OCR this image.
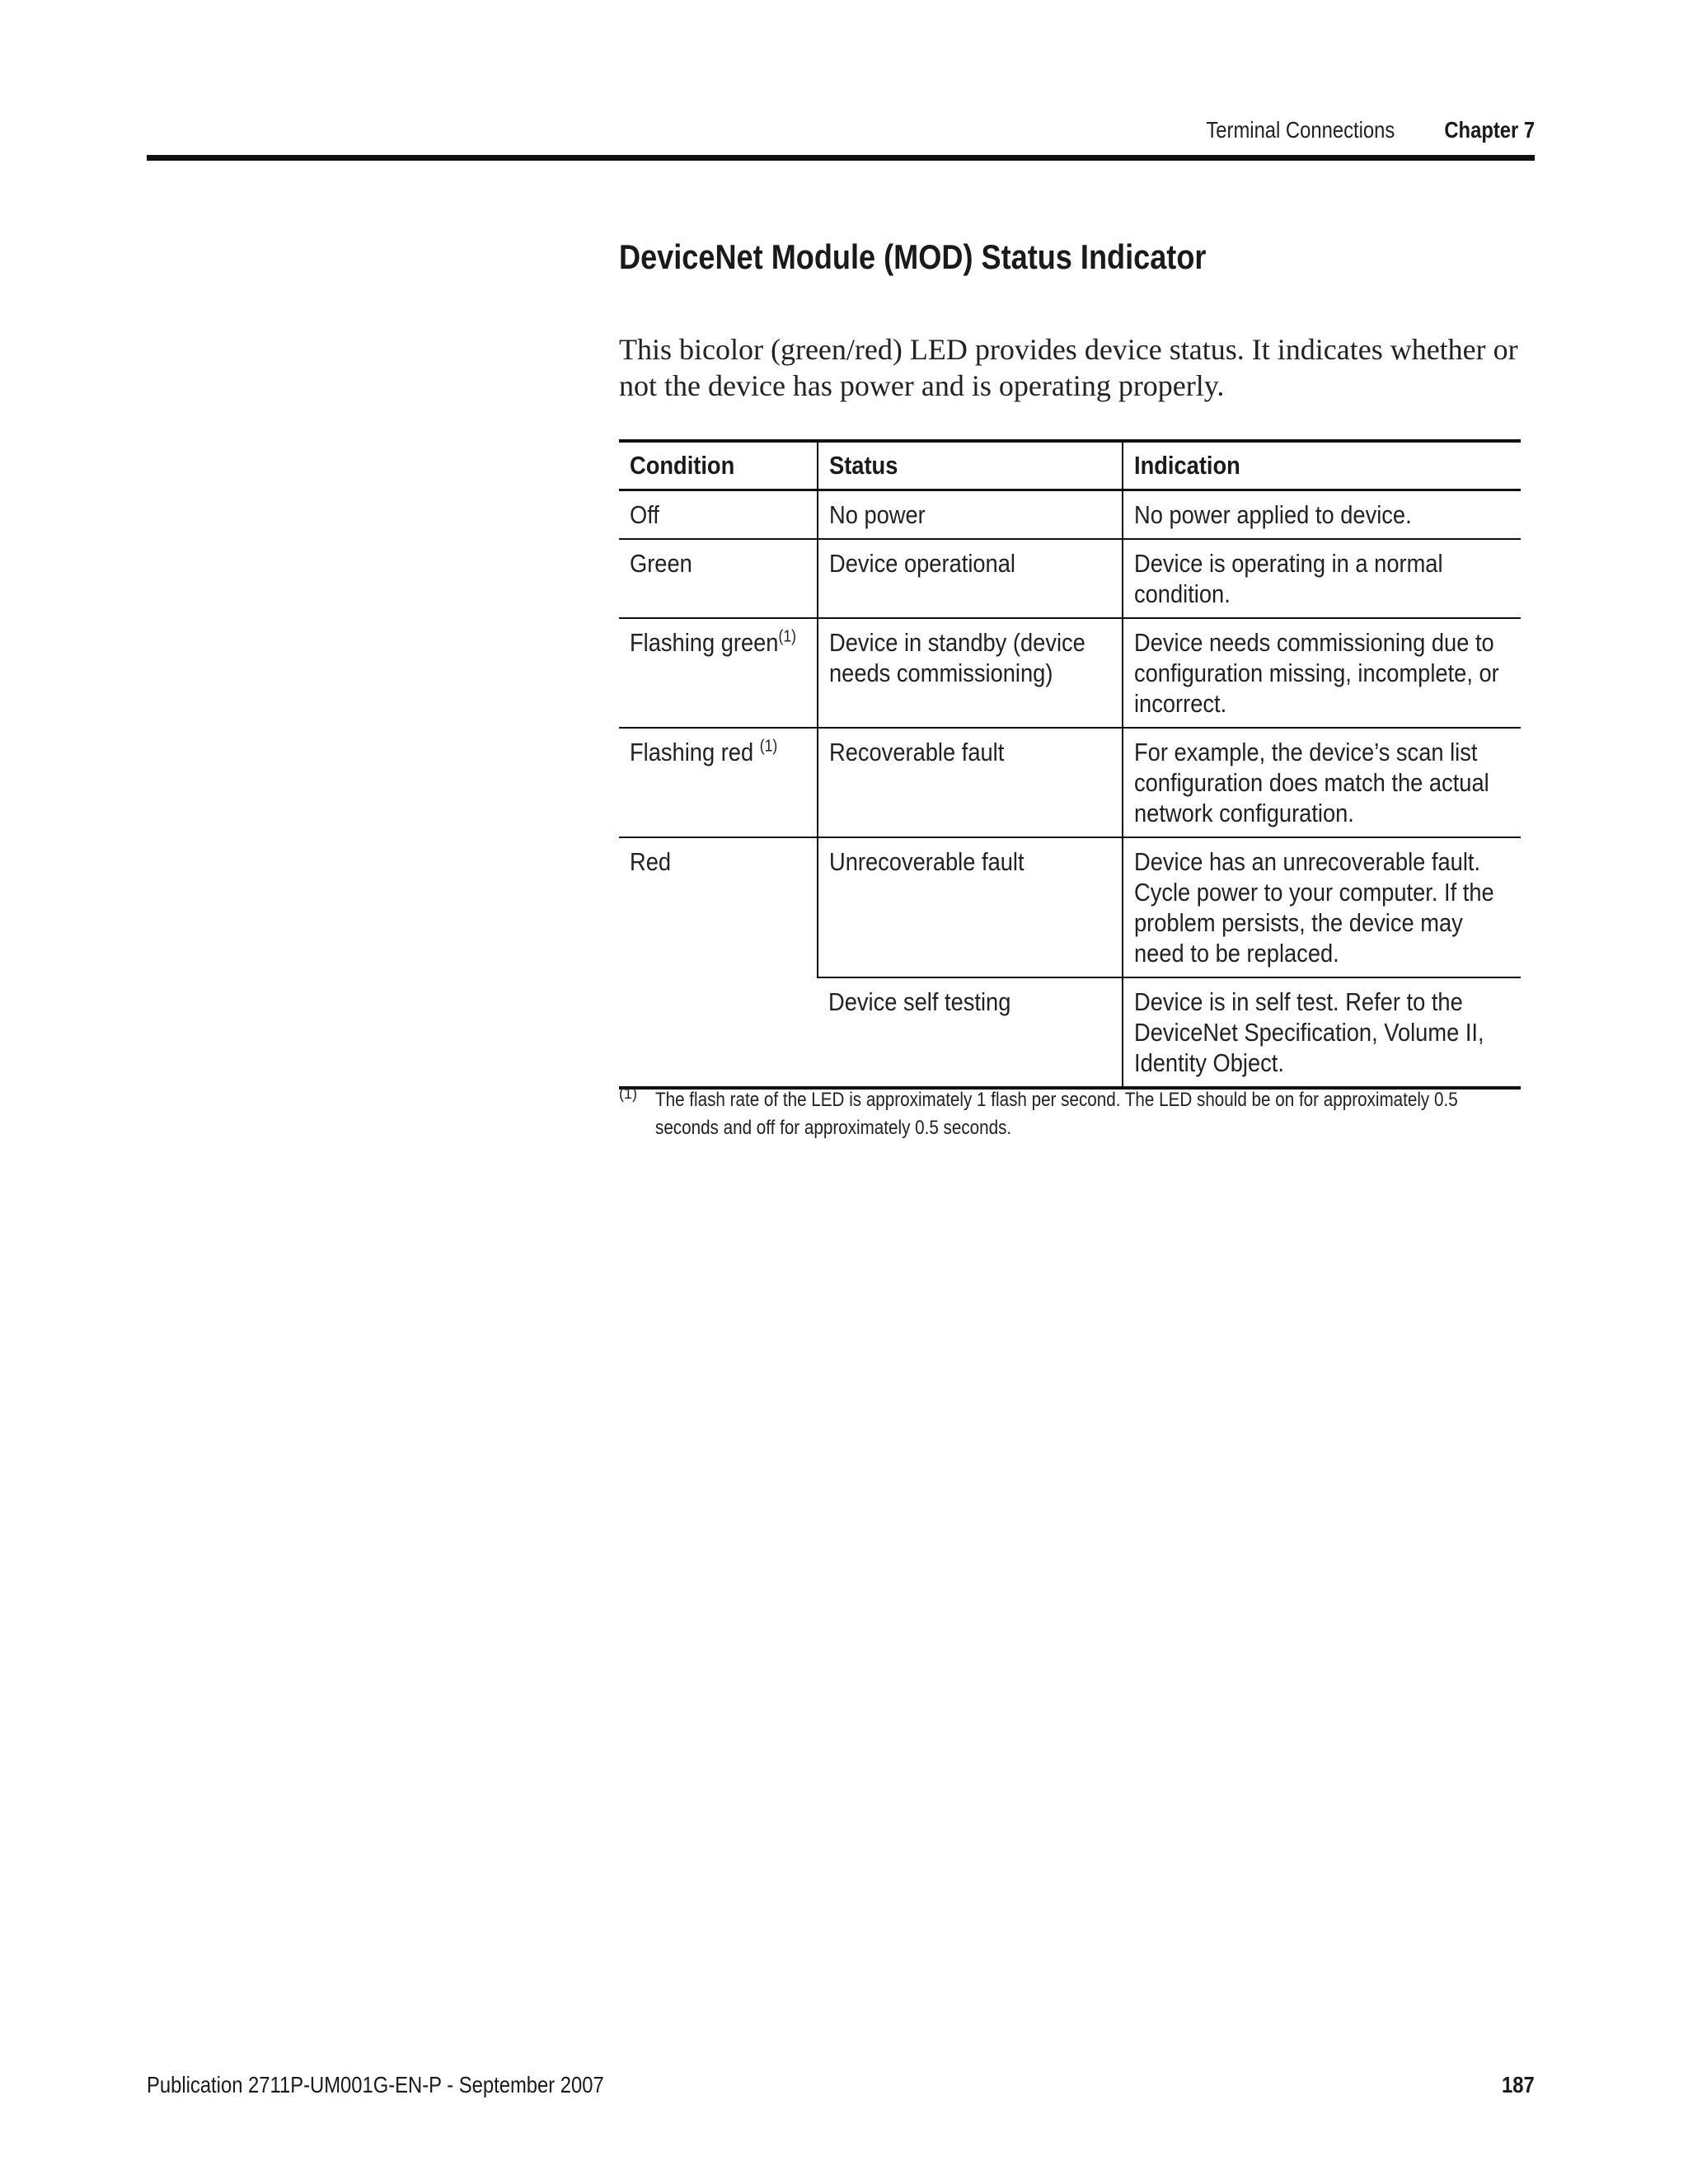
Terminal Connections Chapter 7
DeviceNet Module (MOD) Status Indicator

This bicolor (green/red) LED provides device status. It indicates whether or not the device has power and is operating properly.

Condition	Status	Indication
Off	No power	No power applied to device.
Green	Device operational	Device is operating in a normal condition.
Flashing green$^{(1)}$	Device in standby (device needs commissioning)	Device needs commissioning due to configuration missing, incomplete, or incorrect.
Flashing red $^{(1)}$	Recoverable fault	For example, the device’s scan list configuration does match the actual network configuration.
Red	Unrecoverable fault	Device has an unrecoverable fault. Cycle power to your computer. If the problem persists, the device may need to be replaced.
	Device self testing	Device is in self test. Refer to the DeviceNet Specification, Volume II, Identity Object.
(1) The flash rate of the LED is approximately 1 flash per second. The LED should be on for approximately 0.5 seconds and off for approximately 0.5 seconds.
Publication 2711P-UM001G-EN-P - September 2007	187
